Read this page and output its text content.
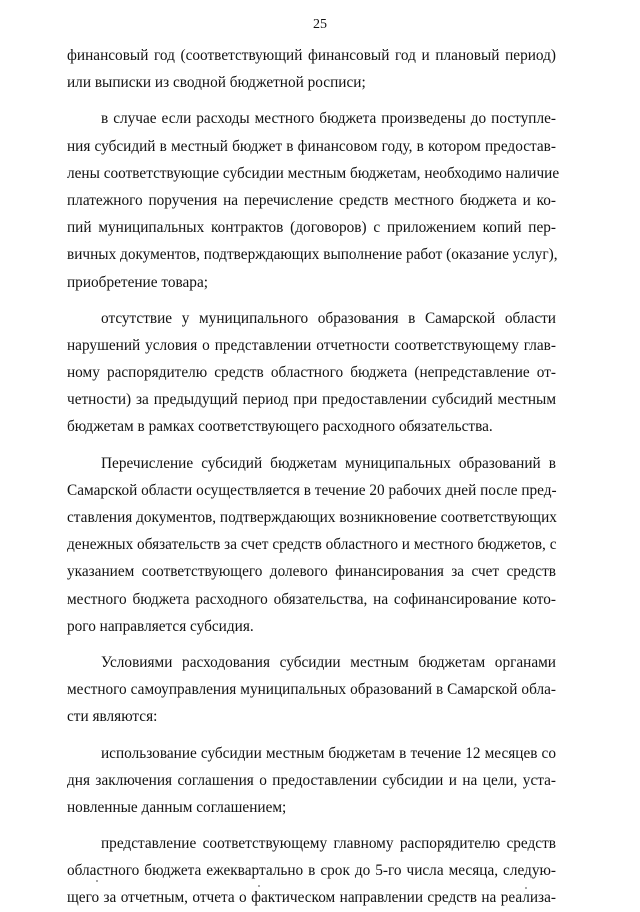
25
финансовый год (соответствующий финансовый год и плановый период)
или выписки из сводной бюджетной росписи;
в случае если расходы местного бюджета произведены до поступле-
ния субсидий в местный бюджет в финансовом году, в котором предостав-
лены соответствующие субсидии местным бюджетам, необходимо наличие
платежного поручения на перечисление средств местного бюджета и ко-
пий муниципальных контрактов (договоров) с приложением копий пер-
вичных документов, подтверждающих выполнение работ (оказание услуг),
приобретение товара;
отсутствие у муниципального образования в Самарской области
нарушений условия о представлении отчетности соответствующему глав-
ному распорядителю средств областного бюджета (непредставление от-
четности) за предыдущий период при предоставлении субсидий местным
бюджетам в рамках соответствующего расходного обязательства.
Перечисление субсидий бюджетам муниципальных образований в
Самарской области осуществляется в течение 20 рабочих дней после пред-
ставления документов, подтверждающих возникновение соответствующих
денежных обязательств за счет средств областного и местного бюджетов, с
указанием соответствующего долевого финансирования за счет средств
местного бюджета расходного обязательства, на софинансирование кото-
рого направляется субсидия.
Условиями расходования субсидии местным бюджетам органами
местного самоуправления муниципальных образований в Самарской обла-
сти являются:
использование субсидии местным бюджетам в течение 12 месяцев со
дня заключения соглашения о предоставлении субсидии и на цели, уста-
новленные данным соглашением;
представление соответствующему главному распорядителю средств
областного бюджета ежеквартально в срок до 5-го числа месяца, следую-
щего за отчетным, отчета о фактическом направлении средств на реализа-
